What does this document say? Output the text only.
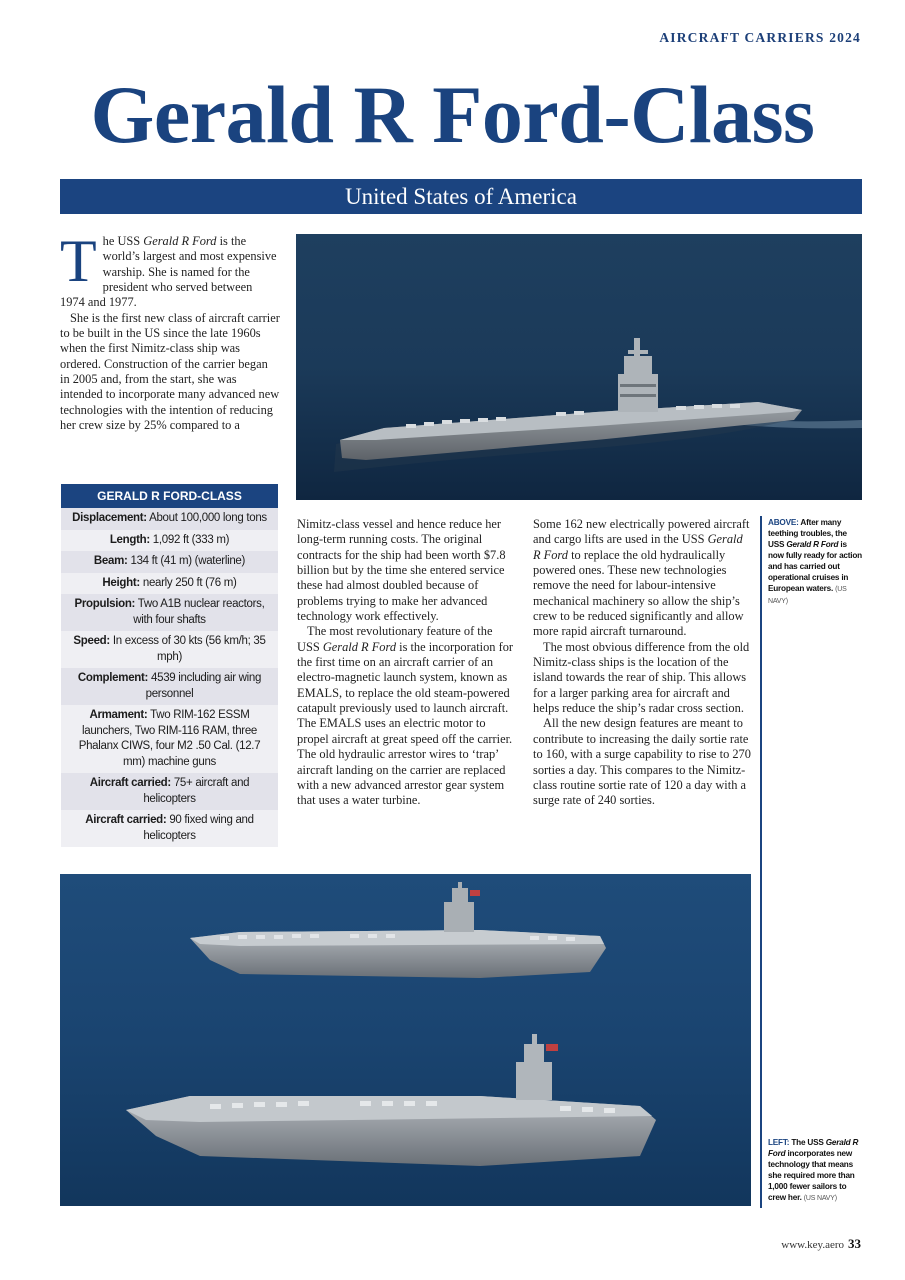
AIRCRAFT CARRIERS 2024
Gerald R Ford-Class
United States of America

The USS Gerald R Ford is the world’s largest and most expensive warship. She is named for the president who served between 1974 and 1977.

She is the first new class of aircraft carrier to be built in the US since the late 1960s when the first Nimitz-class ship was ordered. Construction of the carrier began in 2005 and, from the start, she was intended to incorporate many advanced new technologies with the intention of reducing her crew size by 25% compared to a

GERALD R FORD-CLASS
Displacement: About 100,000 long tons
Length: 1,092 ft (333 m)
Beam: 134 ft (41 m) (waterline)
Height: nearly 250 ft (76 m)
Propulsion: Two A1B nuclear reactors, with four shafts
Speed: In excess of 30 kts (56 km/h; 35 mph)
Complement: 4539 including air wing personnel
Armament: Two RIM-162 ESSM launchers, Two RIM-116 RAM, three Phalanx CIWS, four M2 .50 Cal. (12.7 mm) machine guns
Aircraft carried: 75+ aircraft and helicopters
Aircraft carried: 90 fixed wing and helicopters

Nimitz-class vessel and hence reduce her long-term running costs. The original contracts for the ship had been worth $7.8 billion but by the time she entered service these had almost doubled because of problems trying to make her advanced technology work effectively.

The most revolutionary feature of the USS Gerald R Ford is the incorporation for the first time on an aircraft carrier of an electro-magnetic launch system, known as EMALS, to replace the old steam-powered catapult previously used to launch aircraft. The EMALS uses an electric motor to propel aircraft at great speed off the carrier. The old hydraulic arrestor wires to ‘trap’ aircraft landing on the carrier are replaced with a new advanced arrestor gear system that uses a water turbine.

Some 162 new electrically powered aircraft and cargo lifts are used in the USS Gerald R Ford to replace the old hydraulically powered ones. These new technologies remove the need for labour-intensive mechanical machinery so allow the ship’s crew to be reduced significantly and allow more rapid aircraft turnaround.

The most obvious difference from the old Nimitz-class ships is the location of the island towards the rear of ship. This allows for a larger parking area for aircraft and helps reduce the ship’s radar cross section.

All the new design features are meant to contribute to increasing the daily sortie rate to 160, with a surge capability to rise to 270 sorties a day. This compares to the Nimitz-class routine sortie rate of 120 a day with a surge rate of 240 sorties.

ABOVE: After many teething troubles, the USS Gerald R Ford is now fully ready for action and has carried out operational cruises in European waters. (US NAVY)
LEFT: The USS Gerald R Ford incorporates new technology that means she required more than 1,000 fewer sailors to crew her. (US NAVY)
www.key.aero 33
